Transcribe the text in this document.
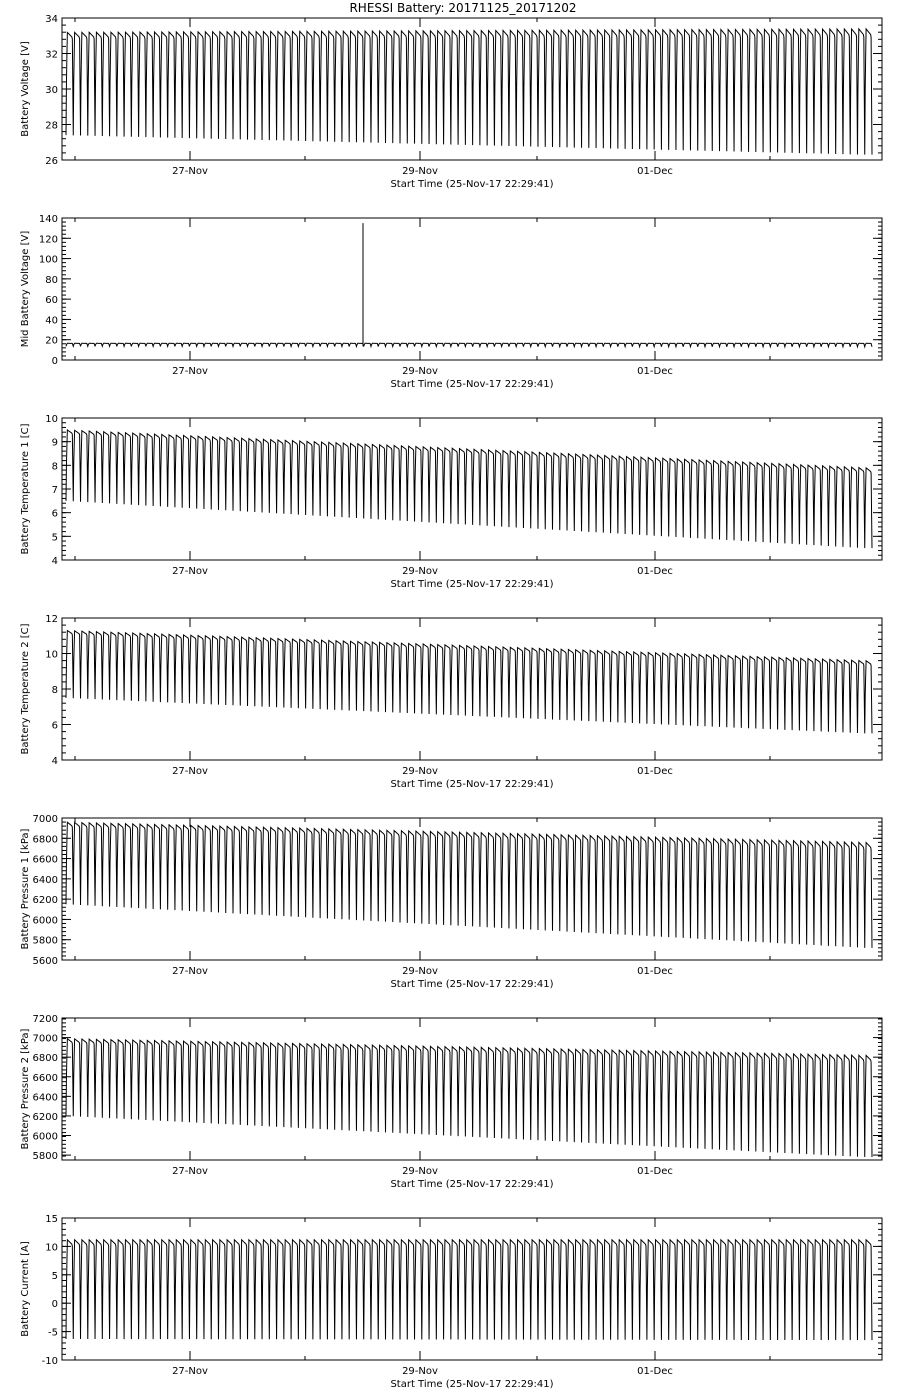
RHESSI Battery: 20171125_20171202
26
28
30
32
34
27-Nov	29-Nov	01-Dec
Start Time (25-Nov-17 22:29:41)
Battery Voltage [V]
0
20
40
60
80
100
120
140
27-Nov	29-Nov	01-Dec
Start Time (25-Nov-17 22:29:41)
Mid Battery Voltage [V]
4
5
6
7
8
9
10
27-Nov	29-Nov	01-Dec
Start Time (25-Nov-17 22:29:41)
Battery Temperature 1 [C]
4
6
8
10
12
27-Nov	29-Nov	01-Dec
Start Time (25-Nov-17 22:29:41)
Battery Temperature 2 [C]
5600
5800
6000
6200
6400
6600
6800
7000
27-Nov	29-Nov	01-Dec
Start Time (25-Nov-17 22:29:41)
Battery Pressure 1 [kPa]
5800
6000
6200
6400
6600
6800
7000
7200
27-Nov	29-Nov	01-Dec
Start Time (25-Nov-17 22:29:41)
Battery Pressure 2 [kPa]
-10
-5
0
5
10
15
27-Nov	29-Nov	01-Dec
Start Time (25-Nov-17 22:29:41)
Battery Current [A]
